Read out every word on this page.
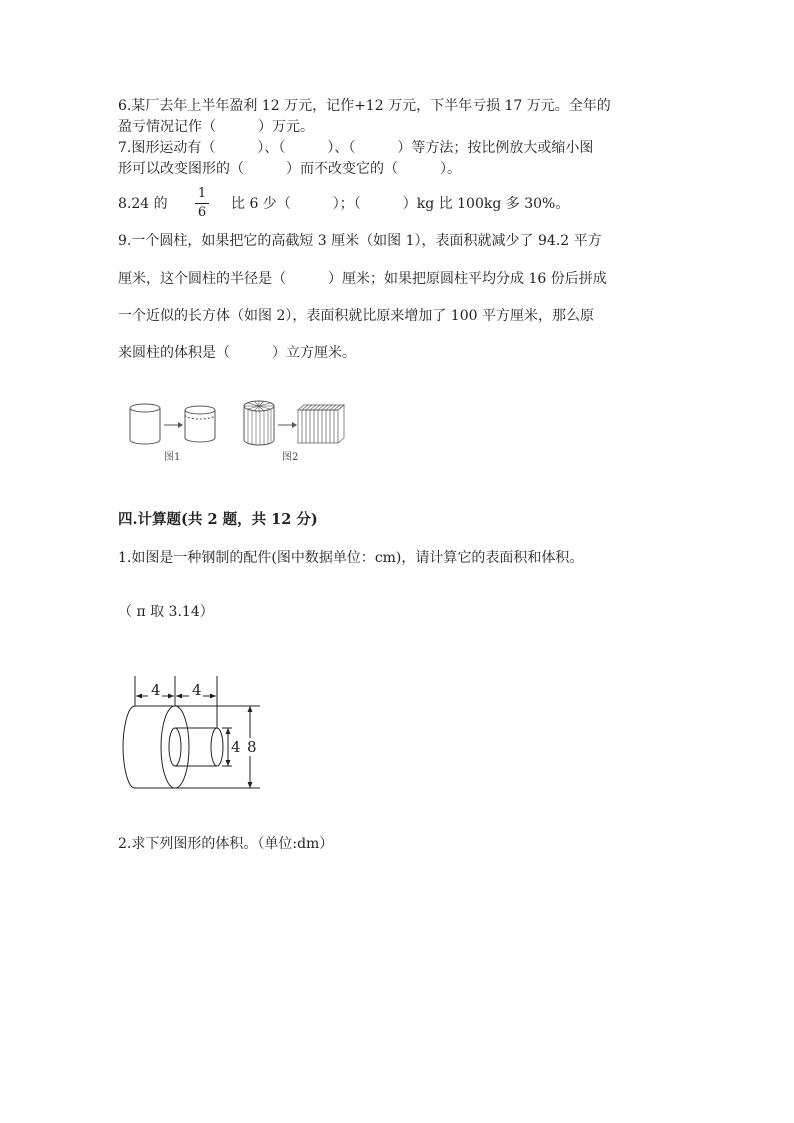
6.某厂去年上半年盈利 12 万元，记作+12 万元，下半年亏损 17 万元。全年的
盈亏情况记作（　　　）万元。
7.图形运动有（　　　）、（　　　）、（　　　）等方法；按比例放大或缩小图
形可以改变图形的（　　　）而不改变它的（　　　）。
8.24 的
1
6
比 6 少（　　　）；（　　　）kg 比 100kg 多 30%。
9.一个圆柱，如果把它的高截短 3 厘米（如图 1），表面积就减少了 94.2 平方
厘米，这个圆柱的半径是（　　　）厘米；如果把原圆柱平均分成 16 份后拼成
一个近似的长方体（如图 2），表面积就比原来增加了 100 平方厘米，那么原
来圆柱的体积是（　　　）立方厘米。
图1	图2
四.计算题(共 2 题，共 12 分)
1.如图是一种钢制的配件(图中数据单位：cm)，请计算它的表面积和体积。
（ π 取 3.14）
4 4
4 8
2.求下列图形的体积。（单位:dm）
